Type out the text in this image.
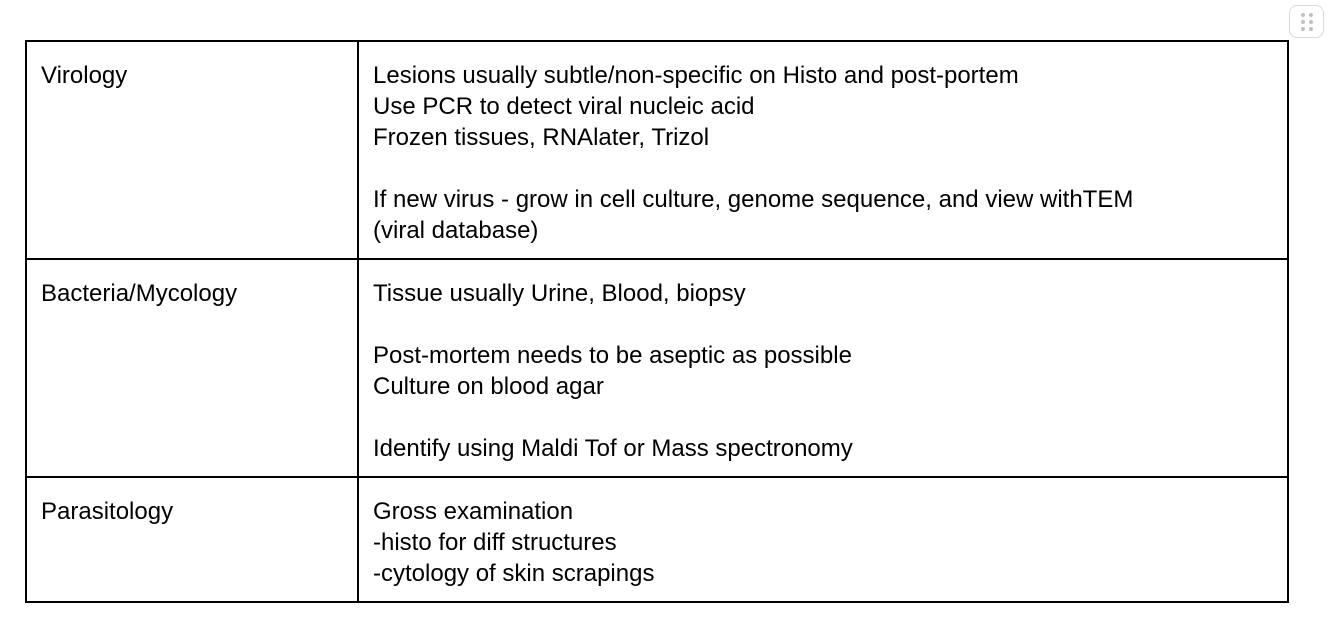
Virology	Lesions usually subtle/non-specific on Histo and post-portem
Use PCR to detect viral nucleic acid
Frozen tissues, RNAlater, Trizol
If new virus - grow in cell culture, genome sequence, and view withTEM
(viral database)

Bacteria/Mycology	Tissue usually Urine, Blood, biopsy
Post-mortem needs to be aseptic as possible
Culture on blood agar
Identify using Maldi Tof or Mass spectronomy

Parasitology	Gross examination
-histo for diff structures
-cytology of skin scrapings
